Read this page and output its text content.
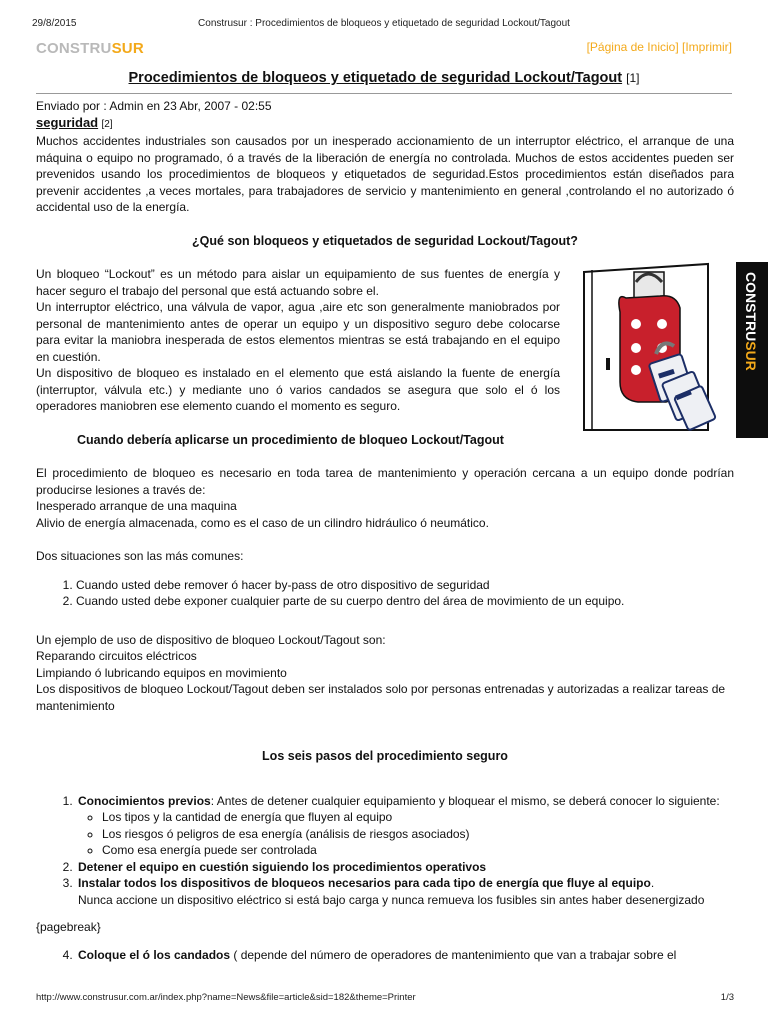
29/8/2015	Construsur : Procedimientos de bloqueos y etiquetado de seguridad Lockout/Tagout
CONSTRUSUR	[Página de Inicio] [Imprimir]
Procedimientos de bloqueos y etiquetado de seguridad Lockout/Tagout [1]

Enviado por : Admin en 23 Abr, 2007 - 02:55

seguridad [2]

Muchos accidentes industriales son causados por un inesperado accionamiento de un interruptor eléctrico, el arranque de una máquina o equipo no programado, ó a través de la liberación de energía no controlada. Muchos de estos accidentes pueden ser prevenidos usando los procedimientos de bloqueos y etiquetados de seguridad.Estos procedimientos están diseñados para prevenir accidentes ,a veces mortales, para trabajadores de servicio y mantenimiento en general ,controlando el no autorizado ó accidental uso de la energía.

¿Qué son bloqueos y etiquetados de seguridad Lockout/Tagout?

Un bloqueo “Lockout” es un método para aislar un equipamiento de sus fuentes de energía y hacer seguro el trabajo del personal que está actuando sobre el.

Un interruptor eléctrico, una válvula de vapor, agua ,aire etc son generalmente maniobrados por personal de mantenimiento antes de operar un equipo y un dispositivo seguro debe colocarse para evitar la maniobra inesperada de estos elementos mientras se está trabajando en el equipo en cuestión.

Un dispositivo de bloqueo es instalado en el elemento que está aislando la fuente de energía (interruptor, válvula etc.) y mediante uno ó varios candados se asegura que solo el ó los operadores maniobren ese elemento cuando el momento es seguro.

CONSTRUSUR

Cuando debería aplicarse un procedimiento de bloqueo Lockout/Tagout

El procedimiento de bloqueo es necesario en toda tarea de mantenimiento y operación cercana a un equipo donde podrían producirse lesiones a través de:

Inesperado arranque de una maquina

Alivio de energía almacenada, como es el caso de un cilindro hidráulico ó neumático.

Dos situaciones son las más comunes:

1. Cuando usted debe remover ó hacer by-pass de otro dispositivo de seguridad
2. Cuando usted debe exponer cualquier parte de su cuerpo dentro del área de movimiento de un equipo.

Un ejemplo de uso de dispositivo de bloqueo Lockout/Tagout son:

Reparando circuitos eléctricos

Limpiando ó lubricando equipos en movimiento

Los dispositivos de bloqueo Lockout/Tagout deben ser instalados solo por personas entrenadas y autorizadas a realizar tareas de mantenimiento

Los seis pasos del procedimiento seguro

1. Conocimientos previos: Antes de detener cualquier equipamiento y bloquear el mismo, se deberá conocer lo siguiente:
◦ Los tipos y la cantidad de energía que fluyen al equipo
◦ Los riesgos ó peligros de esa energía (análisis de riesgos asociados)
◦ Como esa energía puede ser controlada
2. Detener el equipo en cuestión siguiendo los procedimientos operativos
3. Instalar todos los dispositivos de bloqueos necesarios para cada tipo de energía que fluye al equipo.
Nunca accione un dispositivo eléctrico si está bajo carga y nunca remueva los fusibles sin antes haber desenergizado

{pagebreak}

4. Coloque el ó los candados ( depende del número de operadores de mantenimiento que van a trabajar sobre el
http://www.construsur.com.ar/index.php?name=News&file=article&sid=182&theme=Printer	1/3
